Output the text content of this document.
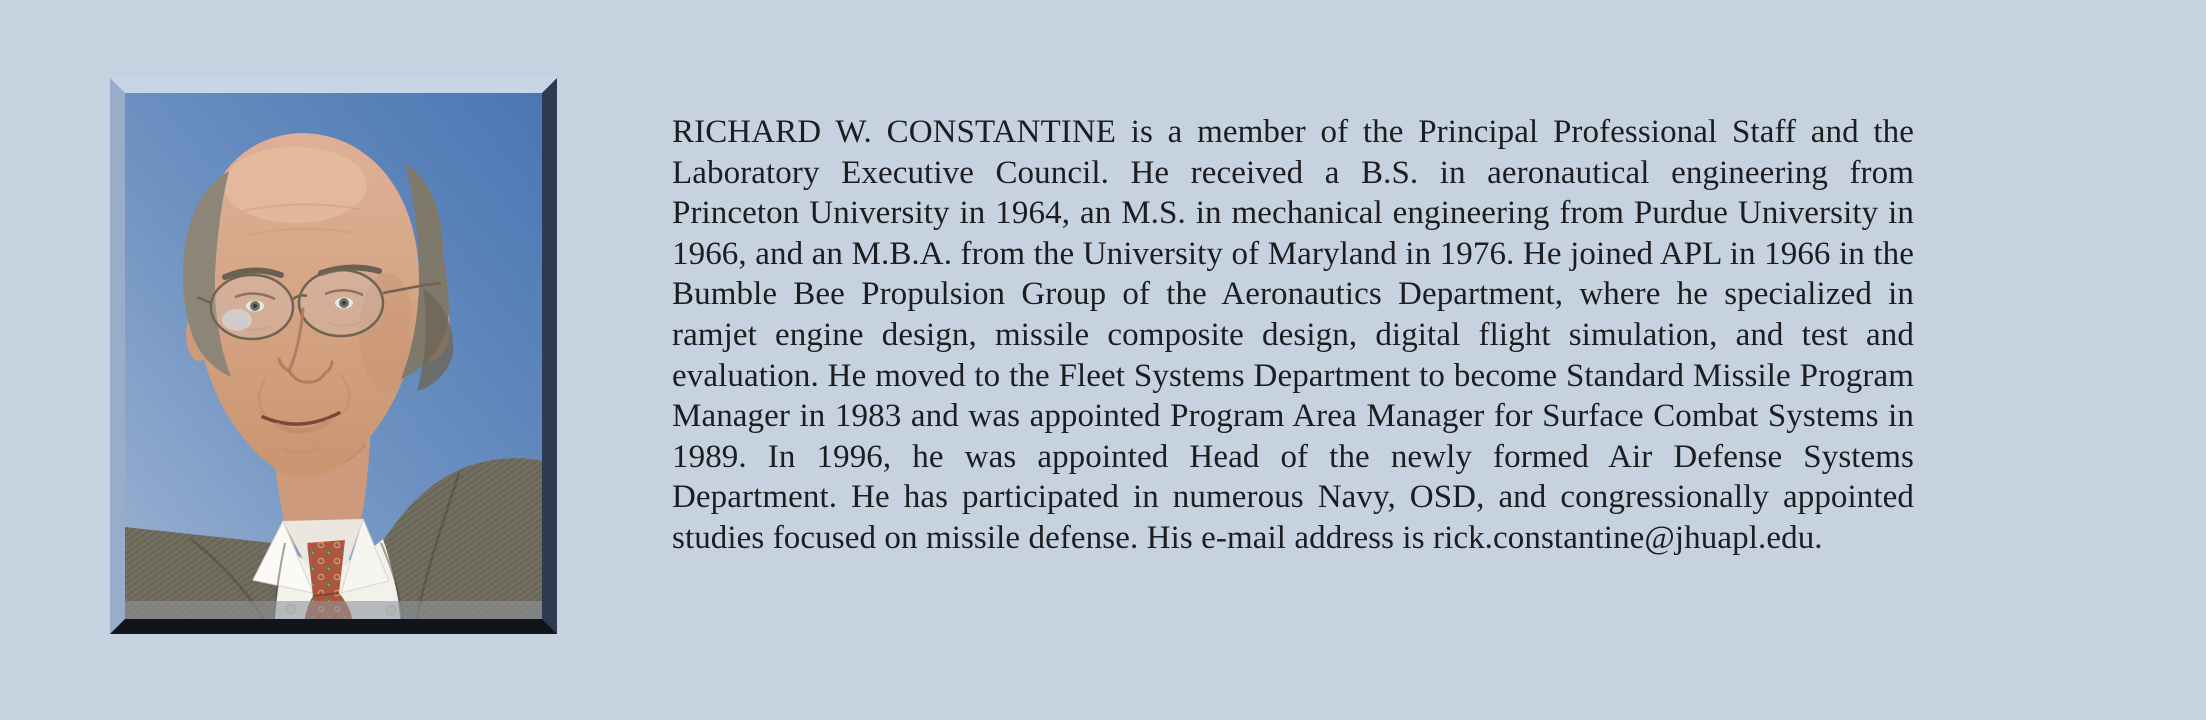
RICHARD W. CONSTANTINE is a member of the Principal Professional Staff and the Laboratory Executive Council. He received a B.S. in aeronautical engineering from Princeton University in 1964, an M.S. in mechanical engineering from Purdue University in 1966, and an M.B.A. from the University of Maryland in 1976. He joined APL in 1966 in the Bumble Bee Propulsion Group of the Aeronautics Department, where he specialized in ramjet engine design, missile composite design, digital flight simulation, and test and evaluation. He moved to the Fleet Systems Department to become Standard Missile Program Manager in 1983 and was appointed Program Area Manager for Surface Combat Systems in 1989. In 1996, he was appointed Head of the newly formed Air Defense Systems Department. He has participated in numerous Navy, OSD, and congressionally appointed studies focused on missile defense. His e-mail address is rick.constantine@jhuapl.edu.
